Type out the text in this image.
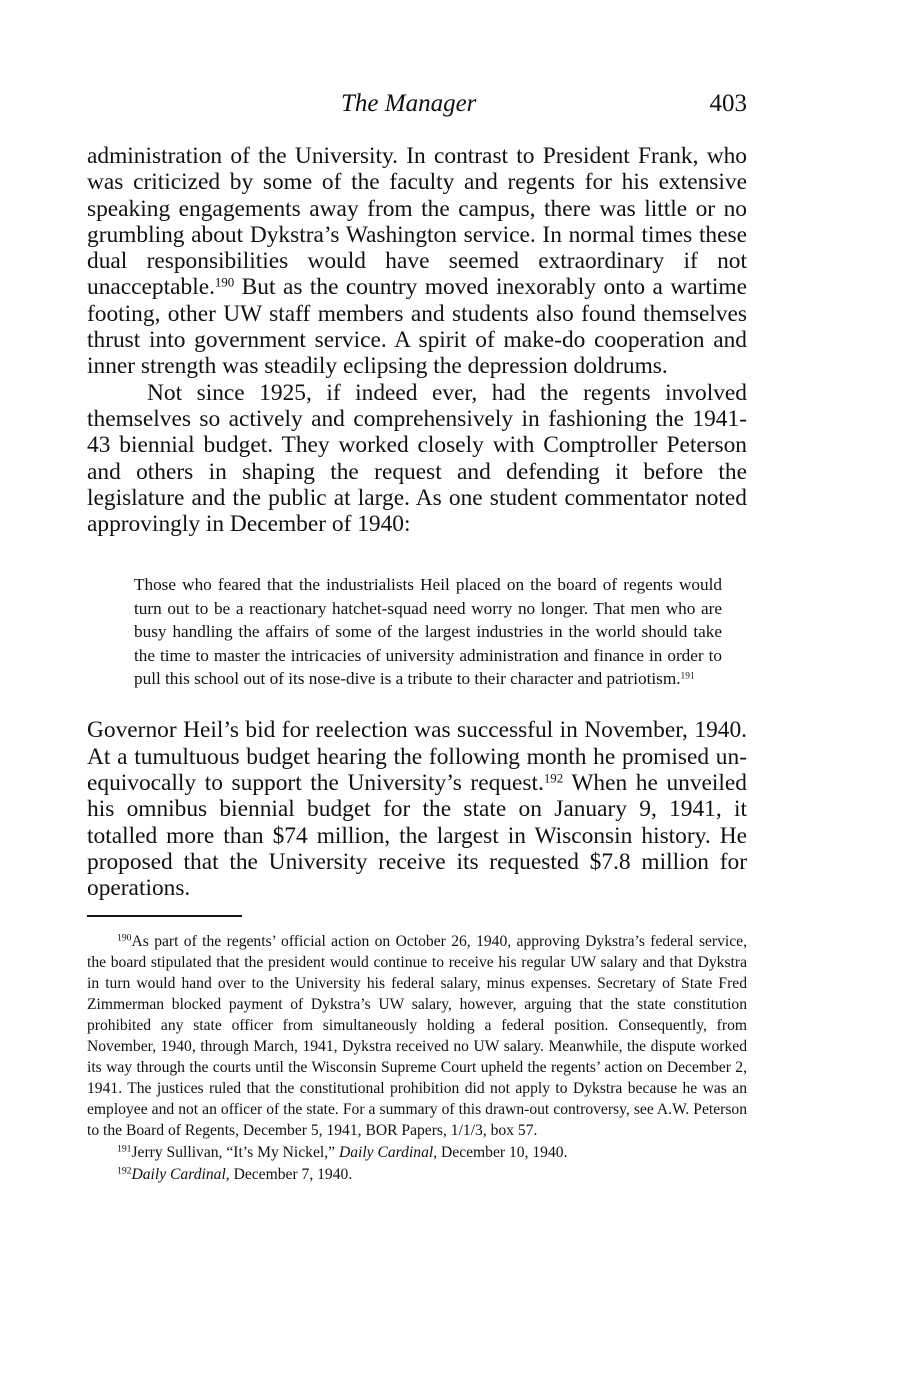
The Manager	403

administration of the University. In contrast to President Frank, who was criticized by some of the faculty and regents for his extensive speaking engagements away from the campus, there was little or no grumbling about Dykstra’s Washington service. In normal times these dual responsibilities would have seemed extraordinary if not unacceptable.$^{190}$ But as the country moved inexorably onto a wartime footing, other UW staff members and students also found themselves thrust into government service. A spirit of make-do cooperation and inner strength was steadily eclipsing the depression doldrums.

Not since 1925, if indeed ever, had the regents involved themselves so actively and comprehensively in fashioning the 1941-43 biennial budget. They worked closely with Comptroller Peterson and others in shaping the request and defending it before the legislature and the public at large. As one student commentator noted approvingly in December of 1940:

Those who feared that the industrialists Heil placed on the board of regents would turn out to be a reactionary hatchet-squad need worry no longer. That men who are busy handling the affairs of some of the largest industries in the world should take the time to master the intricacies of university administration and finance in order to pull this school out of its nose-dive is a tribute to their character and patriotism.$^{191}$

Governor Heil’s bid for reelection was successful in November, 1940. At a tumultuous budget hearing the following month he promised unequivocally to support the University’s request.$^{192}$ When he unveiled his omnibus biennial budget for the state on January 9, 1941, it totalled more than $74 million, the largest in Wisconsin history. He proposed that the University receive its requested $7.8 million for operations.

$^{190}$As part of the regents’ official action on October 26, 1940, approving Dykstra’s federal service, the board stipulated that the president would continue to receive his regular UW salary and that Dykstra in turn would hand over to the University his federal salary, minus expenses. Secretary of State Fred Zimmerman blocked payment of Dykstra’s UW salary, however, arguing that the state constitution prohibited any state officer from simultaneously holding a federal position. Consequently, from November, 1940, through March, 1941, Dykstra received no UW salary. Meanwhile, the dispute worked its way through the courts until the Wisconsin Supreme Court upheld the regents’ action on December 2, 1941. The justices ruled that the constitutional prohibition did not apply to Dykstra because he was an employee and not an officer of the state. For a summary of this drawn-out controversy, see A.W. Peterson to the Board of Regents, December 5, 1941, BOR Papers, 1/1/3, box 57.

$^{191}$Jerry Sullivan, “It’s My Nickel,” Daily Cardinal, December 10, 1940.

$^{192}$Daily Cardinal, December 7, 1940.
